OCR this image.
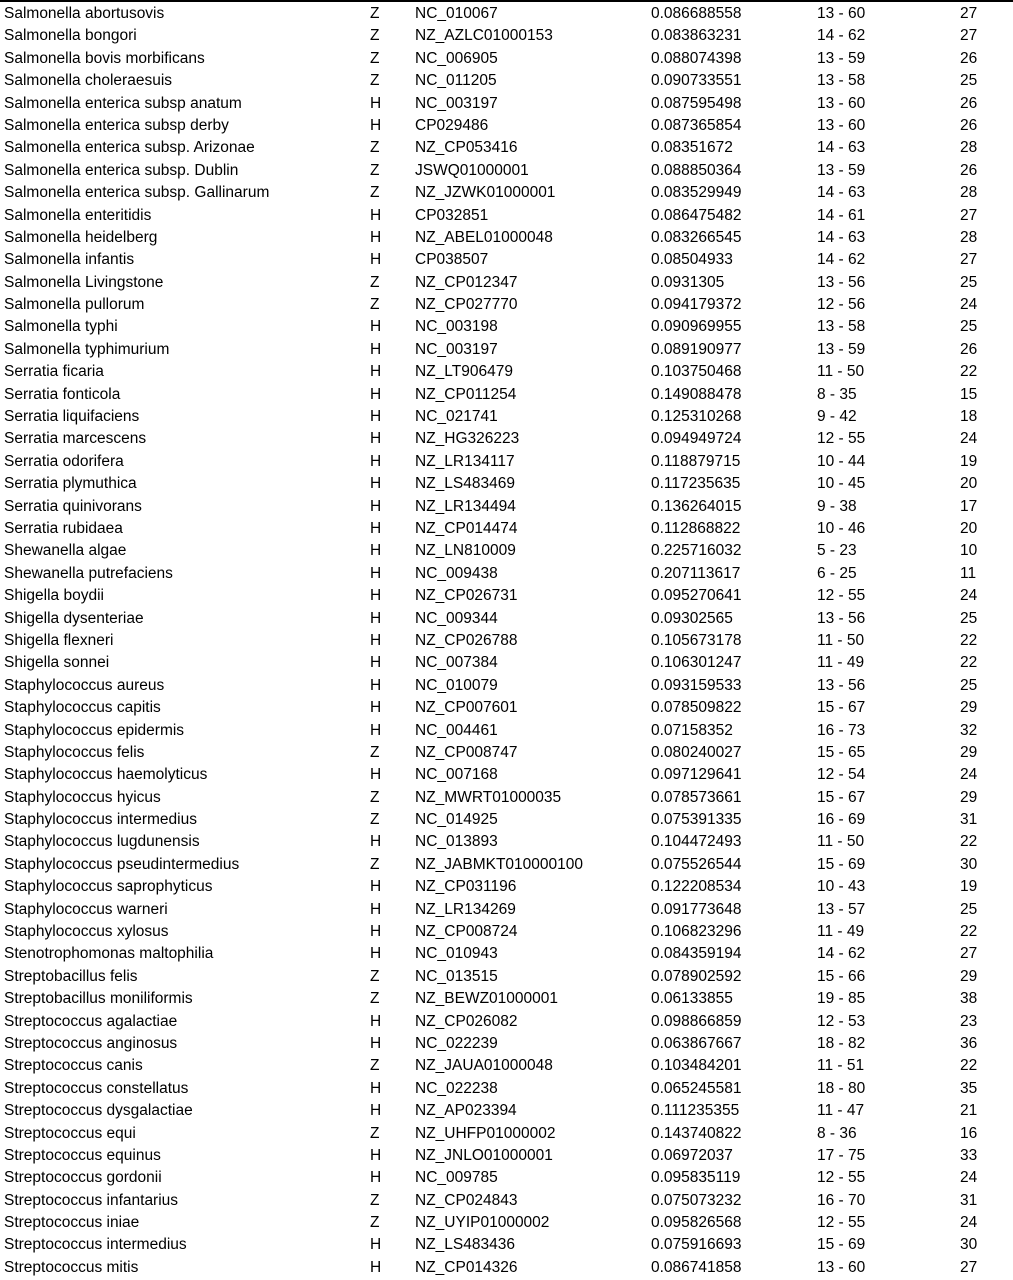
Salmonella abortusovis	Z NC_010067	0.086688558	13 - 60	27
Salmonella bongori	Z NZ_AZLC01000153	0.083863231	14 - 62	27
Salmonella bovis morbificans	Z NC_006905	0.088074398	13 - 59	26
Salmonella choleraesuis	Z NC_011205	0.090733551	13 - 58	25
Salmonella enterica subsp anatum	H NC_003197	0.087595498	13 - 60	26
Salmonella enterica subsp derby	H CP029486	0.087365854	13 - 60	26
Salmonella enterica subsp. Arizonae	Z NZ_CP053416	0.08351672	14 - 63	28
Salmonella enterica subsp. Dublin	Z JSWQ01000001	0.088850364	13 - 59	26
Salmonella enterica subsp. Gallinarum	Z NZ_JZWK01000001	0.083529949	14 - 63	28
Salmonella enteritidis	H CP032851	0.086475482	14 - 61	27
Salmonella heidelberg	H NZ_ABEL01000048	0.083266545	14 - 63	28
Salmonella infantis	H CP038507	0.08504933	14 - 62	27
Salmonella Livingstone	Z NZ_CP012347	0.0931305	13 - 56	25
Salmonella pullorum	Z NZ_CP027770	0.094179372	12 - 56	24
Salmonella typhi	H NC_003198	0.090969955	13 - 58	25
Salmonella typhimurium	H NC_003197	0.089190977	13 - 59	26
Serratia ficaria	H NZ_LT906479	0.103750468	11 - 50	22
Serratia fonticola	H NZ_CP011254	0.149088478	8 - 35	15
Serratia liquifaciens	H NC_021741	0.125310268	9 - 42	18
Serratia marcescens	H NZ_HG326223	0.094949724	12 - 55	24
Serratia odorifera	H NZ_LR134117	0.118879715	10 - 44	19
Serratia plymuthica	H NZ_LS483469	0.117235635	10 - 45	20
Serratia quinivorans	H NZ_LR134494	0.136264015	9 - 38	17
Serratia rubidaea	H NZ_CP014474	0.112868822	10 - 46	20
Shewanella algae	H NZ_LN810009	0.225716032	5 - 23	10
Shewanella putrefaciens	H NC_009438	0.207113617	6 - 25	11
Shigella boydii	H NZ_CP026731	0.095270641	12 - 55	24
Shigella dysenteriae	H NC_009344	0.09302565	13 - 56	25
Shigella flexneri	H NZ_CP026788	0.105673178	11 - 50	22
Shigella sonnei	H NC_007384	0.106301247	11 - 49	22
Staphylococcus aureus	H NC_010079	0.093159533	13 - 56	25
Staphylococcus capitis	H NZ_CP007601	0.078509822	15 - 67	29
Staphylococcus epidermis	H NC_004461	0.07158352	16 - 73	32
Staphylococcus felis	Z NZ_CP008747	0.080240027	15 - 65	29
Staphylococcus haemolyticus	H NC_007168	0.097129641	12 - 54	24
Staphylococcus hyicus	Z NZ_MWRT01000035	0.078573661	15 - 67	29
Staphylococcus intermedius	Z NC_014925	0.075391335	16 - 69	31
Staphylococcus lugdunensis	H NC_013893	0.104472493	11 - 50	22
Staphylococcus pseudintermedius	Z NZ_JABMKT010000100	0.075526544	15 - 69	30
Staphylococcus saprophyticus	H NZ_CP031196	0.122208534	10 - 43	19
Staphylococcus warneri	H NZ_LR134269	0.091773648	13 - 57	25
Staphylococcus xylosus	H NZ_CP008724	0.106823296	11 - 49	22
Stenotrophomonas maltophilia	H NC_010943	0.084359194	14 - 62	27
Streptobacillus felis	Z NC_013515	0.078902592	15 - 66	29
Streptobacillus moniliformis	Z NZ_BEWZ01000001	0.06133855	19 - 85	38
Streptococcus agalactiae	H NZ_CP026082	0.098866859	12 - 53	23
Streptococcus anginosus	H NC_022239	0.063867667	18 - 82	36
Streptococcus canis	Z NZ_JAUA01000048	0.103484201	11 - 51	22
Streptococcus constellatus	H NC_022238	0.065245581	18 - 80	35
Streptococcus dysgalactiae	H NZ_AP023394	0.111235355	11 - 47	21
Streptococcus equi	Z NZ_UHFP01000002	0.143740822	8 - 36	16
Streptococcus equinus	H NZ_JNLO01000001	0.06972037	17 - 75	33
Streptococcus gordonii	H NC_009785	0.095835119	12 - 55	24
Streptococcus infantarius	Z NZ_CP024843	0.075073232	16 - 70	31
Streptococcus iniae	Z NZ_UYIP01000002	0.095826568	12 - 55	24
Streptococcus intermedius	H NZ_LS483436	0.075916693	15 - 69	30
Streptococcus mitis	H NZ_CP014326	0.086741858	13 - 60	27
